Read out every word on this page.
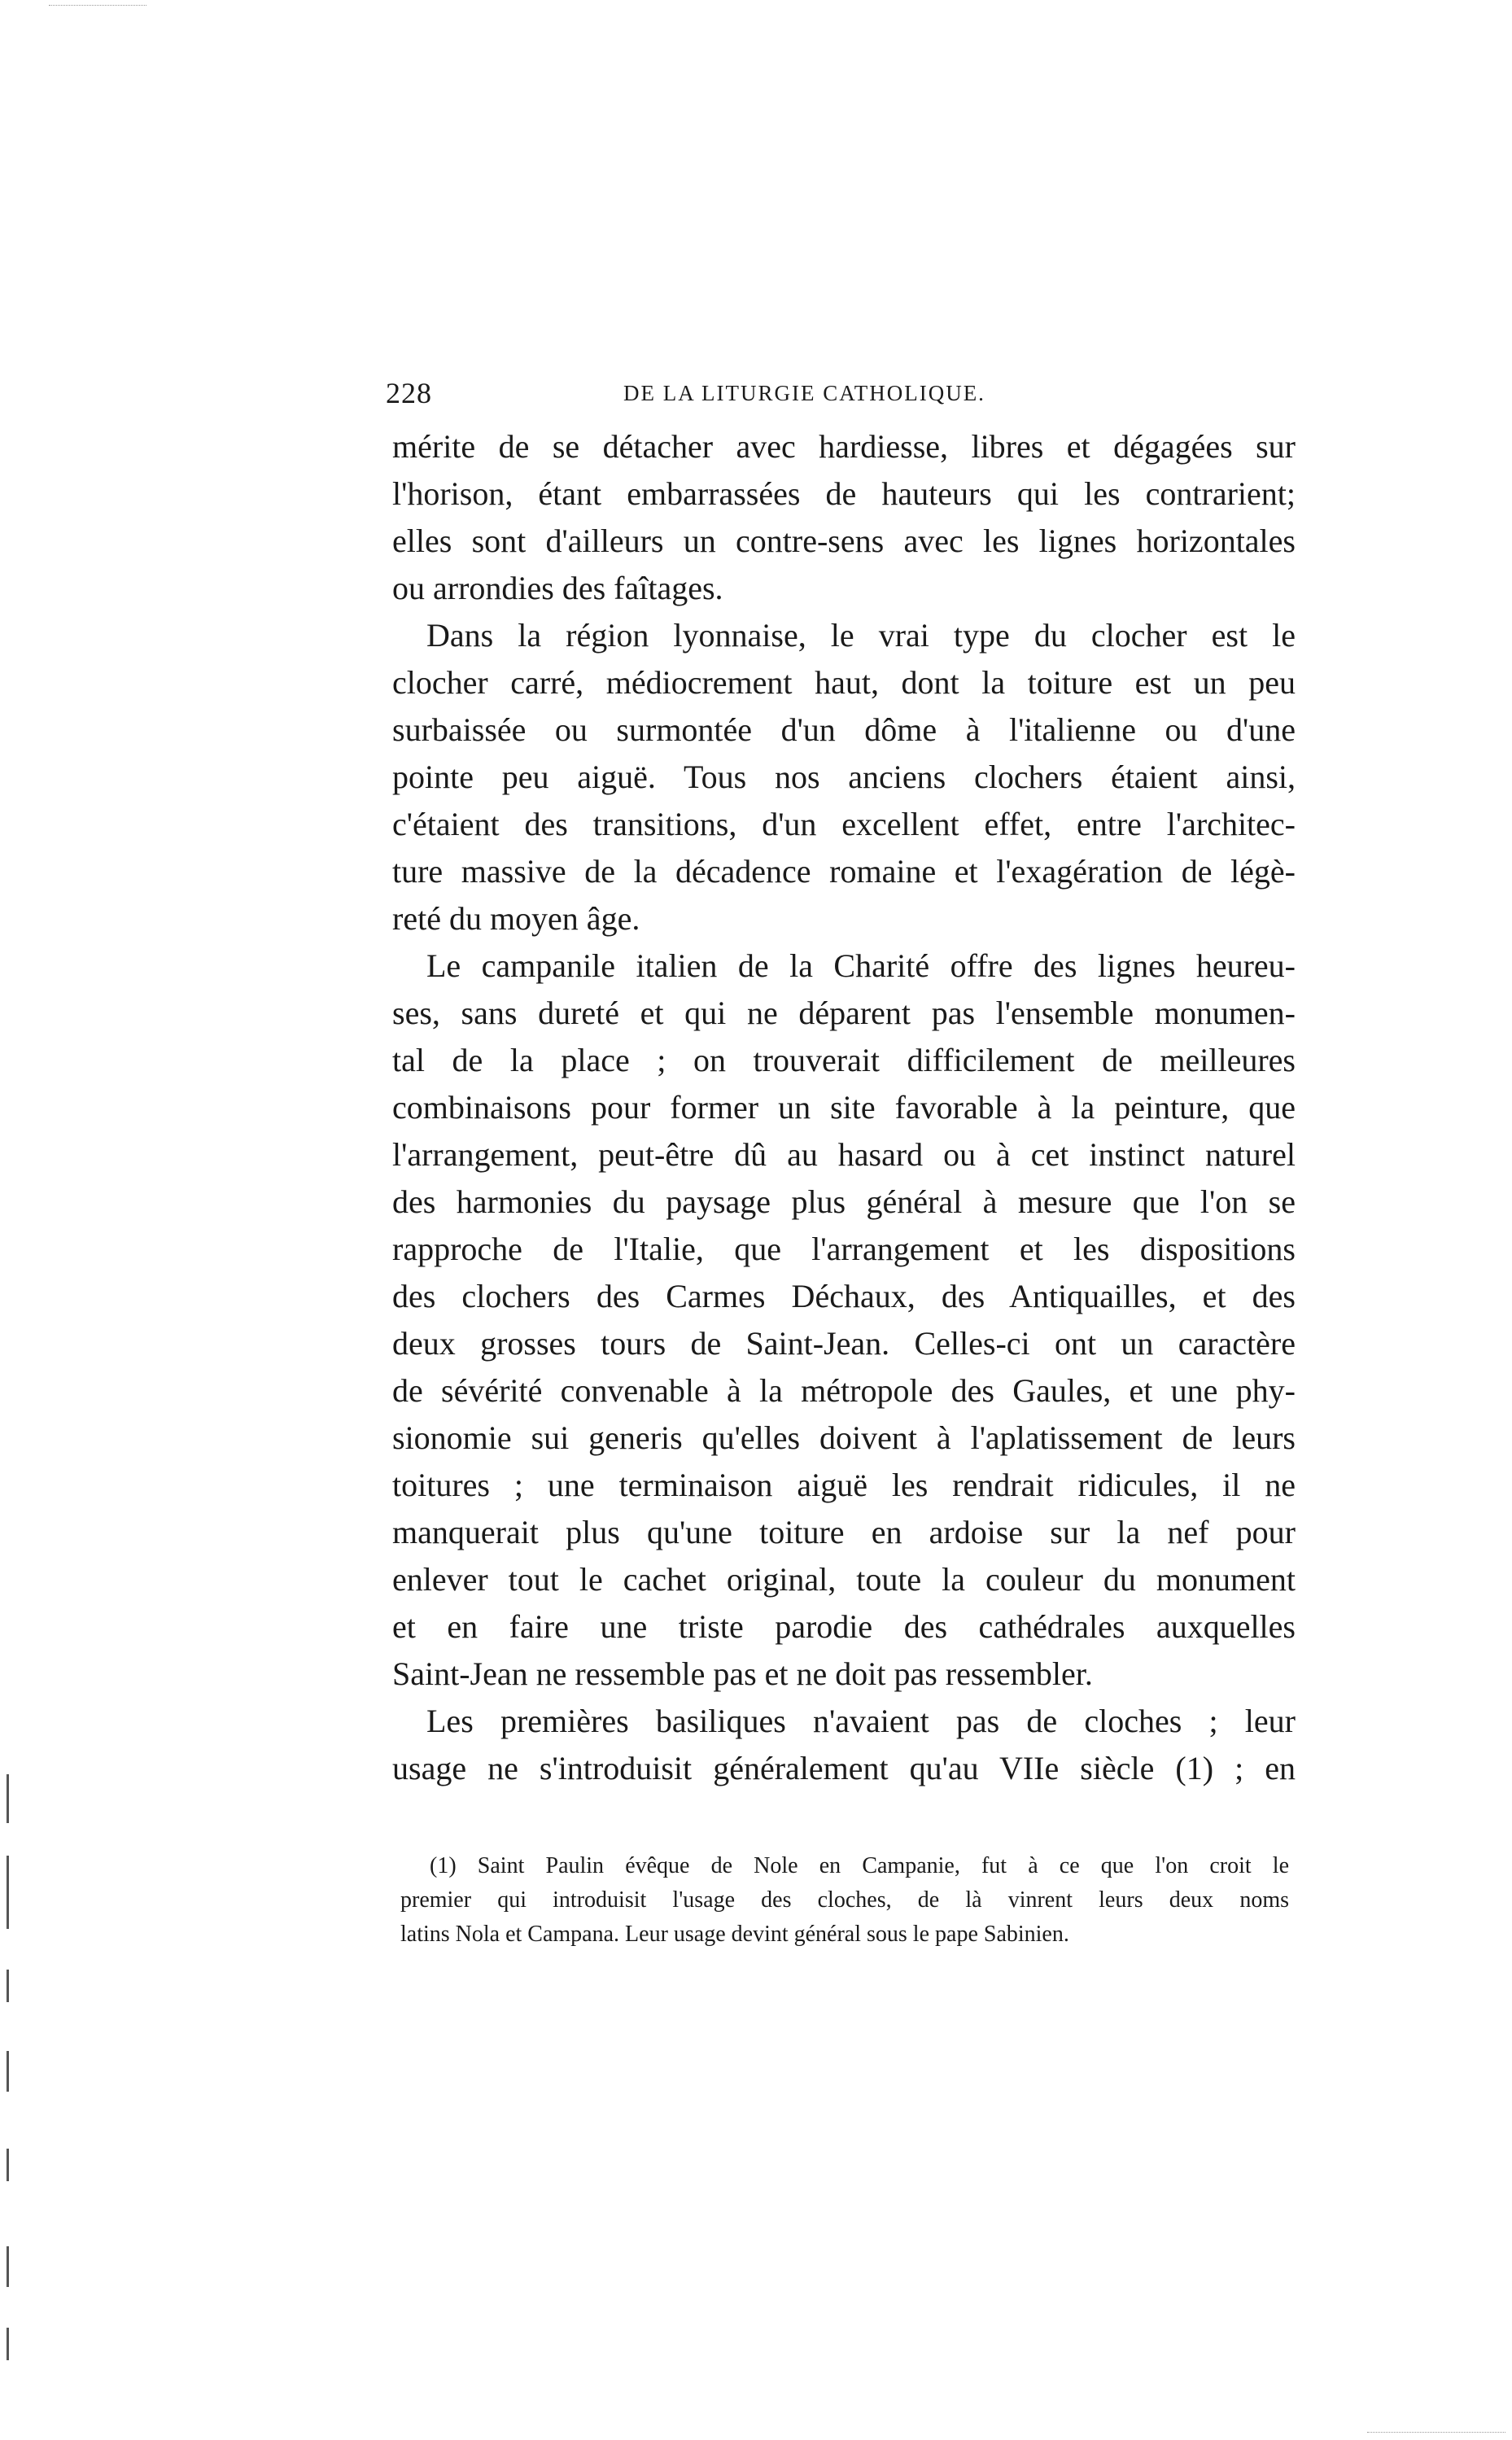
228	DE LA LITURGIE CATHOLIQUE.
mérite de se détacher avec hardiesse, libres et dégagées sur
l'horison, étant embarrassées de hauteurs qui les contrarient;
elles sont d'ailleurs un contre-sens avec les lignes horizontales
ou arrondies des faîtages.
Dans la région lyonnaise, le vrai type du clocher est le
clocher carré, médiocrement haut, dont la toiture est un peu
surbaissée ou surmontée d'un dôme à l'italienne ou d'une
pointe peu aiguë. Tous nos anciens clochers étaient ainsi,
c'étaient des transitions, d'un excellent effet, entre l'architec-
ture massive de la décadence romaine et l'exagération de légè-
reté du moyen âge.
Le campanile italien de la Charité offre des lignes heureu-
ses, sans dureté et qui ne déparent pas l'ensemble monumen-
tal de la place ; on trouverait difficilement de meilleures
combinaisons pour former un site favorable à la peinture, que
l'arrangement, peut-être dû au hasard ou à cet instinct naturel
des harmonies du paysage plus général à mesure que l'on se
rapproche de l'Italie, que l'arrangement et les dispositions
des clochers des Carmes Déchaux, des Antiquailles, et des
deux grosses tours de Saint-Jean. Celles-ci ont un caractère
de sévérité convenable à la métropole des Gaules, et une phy-
sionomie sui generis qu'elles doivent à l'aplatissement de leurs
toitures ; une terminaison aiguë les rendrait ridicules, il ne
manquerait plus qu'une toiture en ardoise sur la nef pour
enlever tout le cachet original, toute la couleur du monument
et en faire une triste parodie des cathédrales auxquelles
Saint-Jean ne ressemble pas et ne doit pas ressembler.
Les premières basiliques n'avaient pas de cloches ; leur
usage ne s'introduisit généralement qu'au VIIe siècle (1) ; en
(1) Saint Paulin évêque de Nole en Campanie, fut à ce que l'on croit le
premier qui introduisit l'usage des cloches, de là vinrent leurs deux noms
latins Nola et Campana. Leur usage devint général sous le pape Sabinien.
